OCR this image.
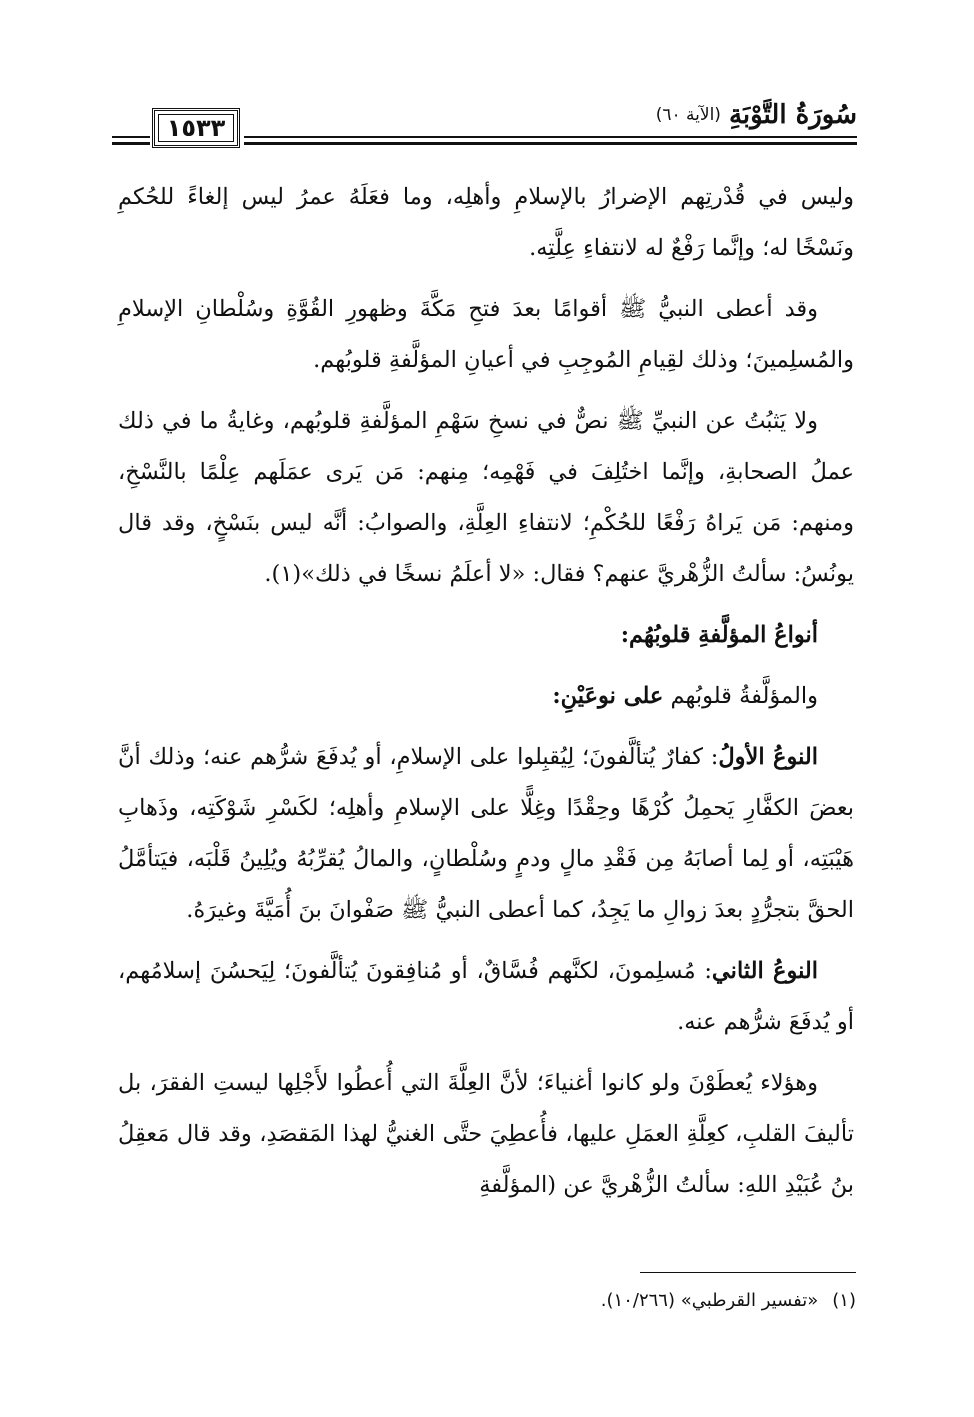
١٥٣٣	سُورَةُ التَّوْبَةِ
(الآية ٦٠)

وليس في قُدْرتِهم الإضرارُ بالإسلامِ وأهلِه، وما فعَلَهُ عمرُ ليس إلغاءً للحُكمِ ونَسْخًا له؛ وإنَّما رَفْعٌ له لانتفاءِ عِلَّتِه.

وقد أعطى النبيُّ ﷺ أقوامًا بعدَ فتحِ مَكَّةَ وظهورِ القُوَّةِ وسُلْطانِ الإسلامِ والمُسلِمينَ؛ وذلك لقِيامِ المُوجِبِ في أعيانِ المؤلَّفةِ قلوبُهم.

ولا يَثبُتُ عن النبيِّ ﷺ نصٌّ في نسخِ سَهْمِ المؤلَّفةِ قلوبُهم، وغايةُ ما في ذلك عملُ الصحابةِ، وإنَّما اختُلِفَ في فَهْمِه؛ مِنهم: مَن يَرى عمَلَهم عِلْمًا بالنَّسْخِ، ومنهم: مَن يَراهُ رَفْعًا للحُكْمِ؛ لانتفاءِ العِلَّةِ، والصوابُ: أنَّه ليس بنَسْخٍ، وقد قال يونُسُ: سألتُ الزُّهْريَّ عنهم؟ فقال: «لا أعلَمُ نسخًا في ذلك»(١).

أنواعُ المؤلَّفةِ قلوبُهُم:

والمؤلَّفةُ قلوبُهم على نوعَيْنِ:

النوعُ الأولُ: كفارٌ يُتألَّفونَ؛ لِيُقبِلوا على الإسلامِ، أو يُدفَعَ شرُّهم عنه؛ وذلك أنَّ بعضَ الكفَّارِ يَحمِلُ كُرْهًا وحِقْدًا وغِلًّا على الإسلامِ وأهلِه؛ لكَسْرِ شَوْكَتِه، وذَهابِ هَيْبَتِه، أو لِما أصابَهُ مِن فَقْدِ مالٍ ودمٍ وسُلْطانٍ، والمالُ يُقرِّبُهُ ويُلِينُ قَلْبَه، فيَتأمَّلُ الحقَّ بتجرُّدٍ بعدَ زوالِ ما يَجِدُ، كما أعطى النبيُّ ﷺ صَفْوانَ بنَ أُمَيَّةَ وغيرَهُ.

النوعُ الثاني: مُسلِمونَ، لكنَّهم فُسَّاقٌ، أو مُنافِقونَ يُتألَّفونَ؛ لِيَحسُنَ إسلامُهم، أو يُدفَعَ شرُّهم عنه.

وهؤلاء يُعطَوْنَ ولو كانوا أغنياءَ؛ لأنَّ العِلَّةَ التي أُعطُوا لأَجْلِها ليستِ الفقرَ، بل تأليفَ القلبِ، كعِلَّةِ العمَلِ عليها، فأُعطِيَ حتَّى الغنيُّ لهذا المَقصَدِ، وقد قال مَعقِلُ بنُ عُبَيْدِ اللهِ: سألتُ الزُّهْريَّ عن (المؤلَّفةِ

(١)«تفسير القرطبي» (١٠/٢٦٦).
